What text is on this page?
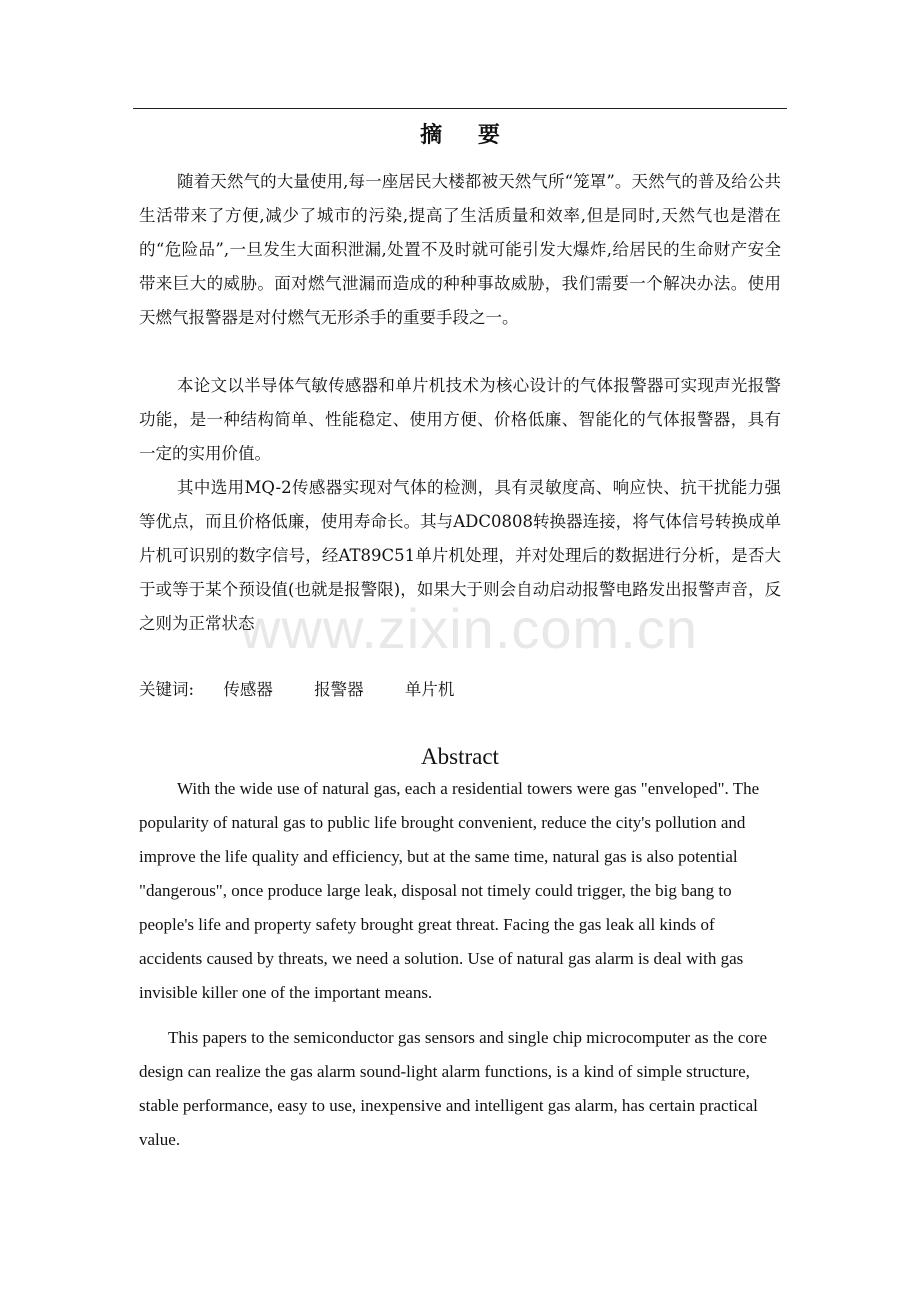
摘 要

随着天然气的大量使用,每一座居民大楼都被天然气所“笼罩”。天然气的普及给公共生活带来了方便,减少了城市的污染,提高了生活质量和效率,但是同时,天然气也是潜在的“危险品”,一旦发生大面积泄漏,处置不及时就可能引发大爆炸,给居民的生命财产安全带来巨大的威胁。面对燃气泄漏而造成的种种事故威胁，我们需要一个解决办法。使用天燃气报警器是对付燃气无形杀手的重要手段之一。

本论文以半导体气敏传感器和单片机技术为核心设计的气体报警器可实现声光报警功能，是一种结构简单、性能稳定、使用方便、价格低廉、智能化的气体报警器，具有一定的实用价值。

其中选用MQ-2传感器实现对气体的检测，具有灵敏度高、响应快、抗干扰能力强等优点，而且价格低廉，使用寿命长。其与ADC0808转换器连接，将气体信号转换成单片机可识别的数字信号，经AT89C51单片机处理，并对处理后的数据进行分析，是否大于或等于某个预设值(也就是报警限)，如果大于则会自动启动报警电路发出报警声音，反之则为正常状态

www.zixin.com.cn
关键词: 传感器	报警器	单片机
Abstract

With the wide use of natural gas, each a residential towers were gas "enveloped". The popularity of natural gas to public life brought convenient, reduce the city's pollution and improve the life quality and efficiency, but at the same time, natural gas is also potential "dangerous", once produce large leak, disposal not timely could trigger, the big bang to people's life and property safety brought great threat. Facing the gas leak all kinds of accidents caused by threats, we need a solution. Use of natural gas alarm is deal with gas invisible killer one of the important means.

This papers to the semiconductor gas sensors and single chip microcomputer as the core design can realize the gas alarm sound-light alarm functions, is a kind of simple structure, stable performance, easy to use, inexpensive and intelligent gas alarm, has certain practical value.
